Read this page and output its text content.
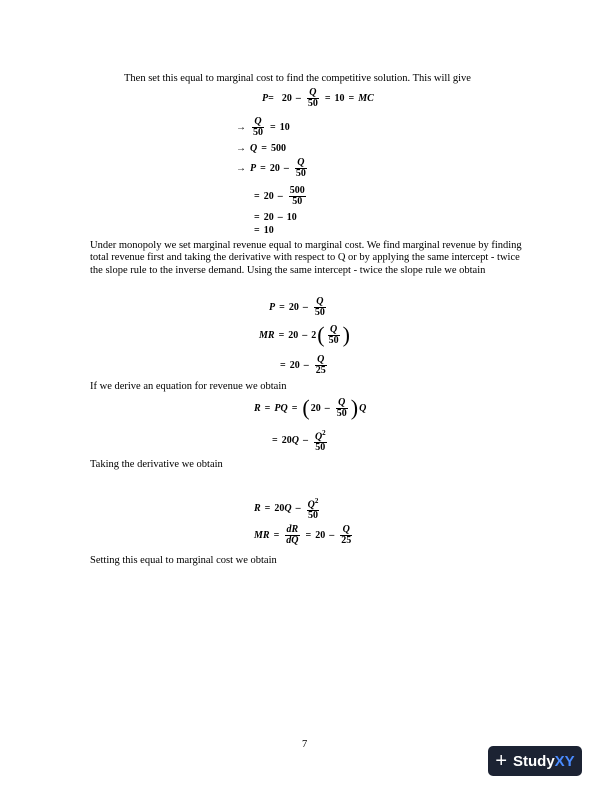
Then set this equal to marginal cost to find the competitive solution. This will give

$P = 20 - \frac{Q}{50} = 10$ = MC
→ $\frac{Q}{50} = 10$
→ Q = 500
→ $P = 20 - \frac{Q}{50}$
= $20 - \frac{500}{50}$
= 20 – 10
= 10

Under monopoly we set marginal revenue equal to marginal cost. We find marginal revenue by finding total revenue first and taking the derivative with respect to Q or by applying the same intercept - twice the slope rule to the inverse demand. Using the same intercept - twice the slope rule we obtain

$P = 20 - \frac{Q}{50}$
MR = 20 – 2 ( $\frac{Q}{50}$ )
= $20 - \frac{Q}{25}$

If we derive an equation for revenue we obtain

R = PQ = ( $20 - \frac{Q}{50}$ ) Q
= 20 Q – $\frac{Q^2}{50}$

Taking the derivative we obtain

R = 20 Q – $\frac{Q^2}{50}$
MR = $\frac{dR}{dQ} = 20 - \frac{Q}{25}$

Setting this equal to marginal cost we obtain

7
+ Study XY
